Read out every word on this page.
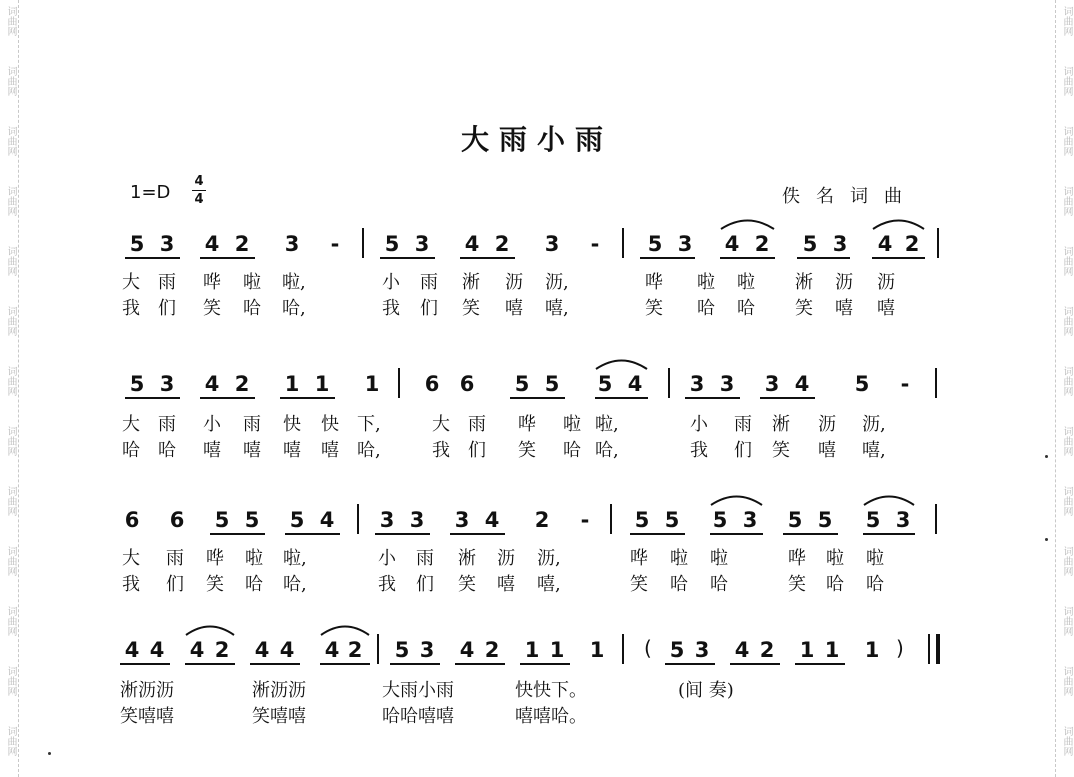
词曲网
词曲网
词曲网
词曲网
词曲网
词曲网
词曲网
词曲网
词曲网
词曲网
词曲网
词曲网
词曲网
词曲网
词曲网
词曲网
词曲网
词曲网
词曲网
词曲网
词曲网
词曲网
词曲网
词曲网
词曲网
词曲网
大雨小雨
1=D
4
4	佚名词曲
5 3 4 2 3 - 5 3 4 2 3 - 5 3 4 2 5 3 4 2
大 雨 哗 啦 啦,	小 雨 淅 沥 沥,	哗 啦 啦 淅 沥 沥
我 们 笑 哈 哈,	我 们 笑 嘻 嘻,	笑 哈 哈 笑 嘻 嘻
5 3 4 2 1 1 1 6 6 5 5 5 4 3 3 3 4 5 -
大 雨 小 雨 快 快 下,	大 雨 哗 啦 啦,	小 雨 淅 沥 沥,
哈 哈 嘻 嘻 嘻 嘻 哈,	我 们 笑 哈 哈,	我 们 笑 嘻 嘻,
6 6 5 5 5 4 3 3 3 4 2 - 5 5 5 3 5 5 5 3
大 雨 哗 啦 啦,	小 雨 淅 沥 沥,	哗 啦 啦	哗 啦 啦
我 们 笑 哈 哈,	我 们 笑 嘻 嘻,	笑 哈 哈	笑 哈 哈
4 4 4 2 4 4 4 2 5 3 4 2 1 1 1 ( 5 3 4 2 1 1 1 )
淅沥沥	淅沥沥	大雨小雨	快快下。	(间 奏)
笑嘻嘻	笑嘻嘻	哈哈嘻嘻	嘻嘻哈。
